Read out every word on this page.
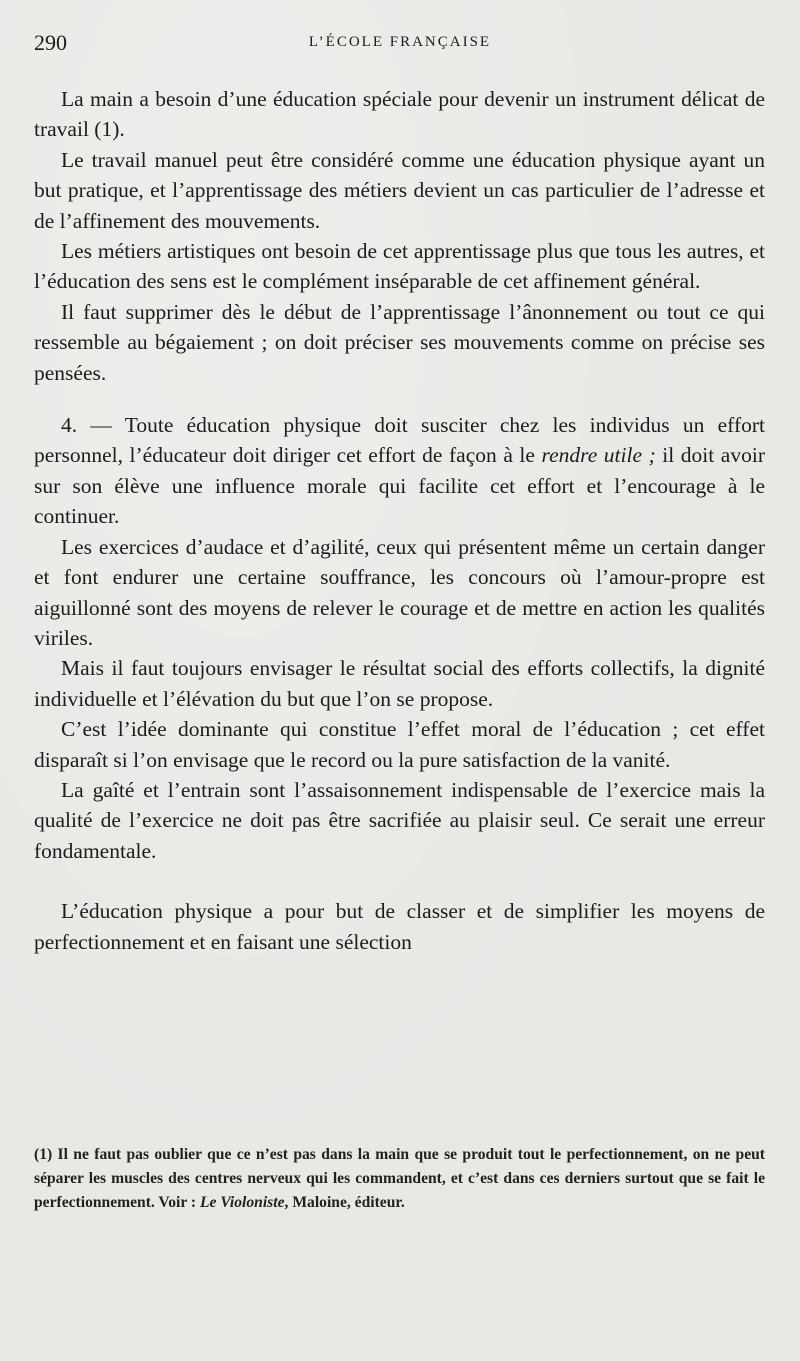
290	L’ÉCOLE FRANÇAISE

La main a besoin d’une éducation spéciale pour devenir un instrument délicat de travail (1).

Le travail manuel peut être considéré comme une éducation physique ayant un but pratique, et l’apprentissage des métiers devient un cas particulier de l’adresse et de l’affinement des mouvements.

Les métiers artistiques ont besoin de cet apprentissage plus que tous les autres, et l’éducation des sens est le complément inséparable de cet affinement général.

Il faut supprimer dès le début de l’apprentissage l’ânonnement ou tout ce qui ressemble au bégaiement ; on doit préciser ses mouvements comme on précise ses pensées.

4. — Toute éducation physique doit susciter chez les individus un effort personnel, l’éducateur doit diriger cet effort de façon à le rendre utile ; il doit avoir sur son élève une influence morale qui facilite cet effort et l’encourage à le continuer.

Les exercices d’audace et d’agilité, ceux qui présentent même un certain danger et font endurer une certaine souffrance, les concours où l’amour-propre est aiguillonné sont des moyens de relever le courage et de mettre en action les qualités viriles.

Mais il faut toujours envisager le résultat social des efforts collectifs, la dignité individuelle et l’élévation du but que l’on se propose.

C’est l’idée dominante qui constitue l’effet moral de l’éducation ; cet effet disparaît si l’on envisage que le record ou la pure satisfaction de la vanité.

La gaîté et l’entrain sont l’assaisonnement indispensable de l’exercice mais la qualité de l’exercice ne doit pas être sacrifiée au plaisir seul. Ce serait une erreur fondamentale.

L’éducation physique a pour but de classer et de simplifier les moyens de perfectionnement et en faisant une sélection

(1) Il ne faut pas oublier que ce n’est pas dans la main que se produit tout le perfectionnement, on ne peut séparer les muscles des centres nerveux qui les commandent, et c’est dans ces derniers surtout que se fait le perfectionnement. Voir : Le Violoniste, Maloine, éditeur.
